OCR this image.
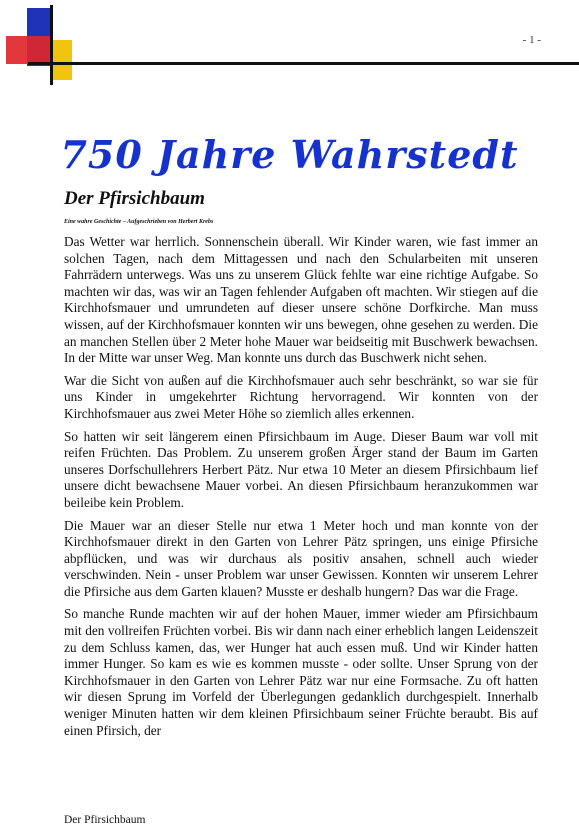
- 1 -
750 Jahre Wahrstedt
Der Pfirsichbaum
Eine wahre Geschichte – Aufgeschrieben von Herbert Krebs

Das Wetter war herrlich. Sonnenschein überall. Wir Kinder waren, wie fast immer an solchen Tagen, nach dem Mittagessen und nach den Schularbeiten mit unseren Fahrrädern unterwegs. Was uns zu unserem Glück fehlte war eine richtige Aufgabe. So machten wir das, was wir an Tagen fehlender Aufgaben oft machten. Wir stiegen auf die Kirchhofsmauer und umrundeten auf dieser unsere schöne Dorfkirche. Man muss wissen, auf der Kirchhofsmauer konnten wir uns bewegen, ohne gesehen zu werden. Die an manchen Stellen über 2 Meter hohe Mauer war beidseitig mit Buschwerk bewachsen. In der Mitte war unser Weg. Man konnte uns durch das Buschwerk nicht sehen.

War die Sicht von außen auf die Kirchhofsmauer auch sehr beschränkt, so war sie für uns Kinder in umgekehrter Richtung hervorragend. Wir konnten von der Kirchhofsmauer aus zwei Meter Höhe so ziemlich alles erkennen.

So hatten wir seit längerem einen Pfirsichbaum im Auge. Dieser Baum war voll mit reifen Früchten. Das Problem. Zu unserem großen Ärger stand der Baum im Garten unseres Dorfschullehrers Herbert Pätz. Nur etwa 10 Meter an diesem Pfirsichbaum lief unsere dicht bewachsene Mauer vorbei. An diesen Pfirsichbaum heranzukommen war beileibe kein Problem.

Die Mauer war an dieser Stelle nur etwa 1 Meter hoch und man konnte von der Kirchhofsmauer direkt in den Garten von Lehrer Pätz springen, uns einige Pfirsiche abpflücken, und was wir durchaus als positiv ansahen, schnell auch wieder verschwinden. Nein - unser Problem war unser Gewissen. Konnten wir unserem Lehrer die Pfirsiche aus dem Garten klauen? Musste er deshalb hungern? Das war die Frage.

So manche Runde machten wir auf der hohen Mauer, immer wieder am Pfirsichbaum mit den vollreifen Früchten vorbei. Bis wir dann nach einer erheblich langen Leidenszeit zu dem Schluss kamen, das, wer Hunger hat auch essen muß. Und wir Kinder hatten immer Hunger. So kam es wie es kommen musste - oder sollte. Unser Sprung von der Kirchhofsmauer in den Garten von Lehrer Pätz war nur eine Formsache. Zu oft hatten wir diesen Sprung im Vorfeld der Überlegungen gedanklich durchgespielt. Innerhalb weniger Minuten hatten wir dem kleinen Pfirsichbaum seiner Früchte beraubt. Bis auf einen Pfirsich, der

Der Pfirsichbaum
